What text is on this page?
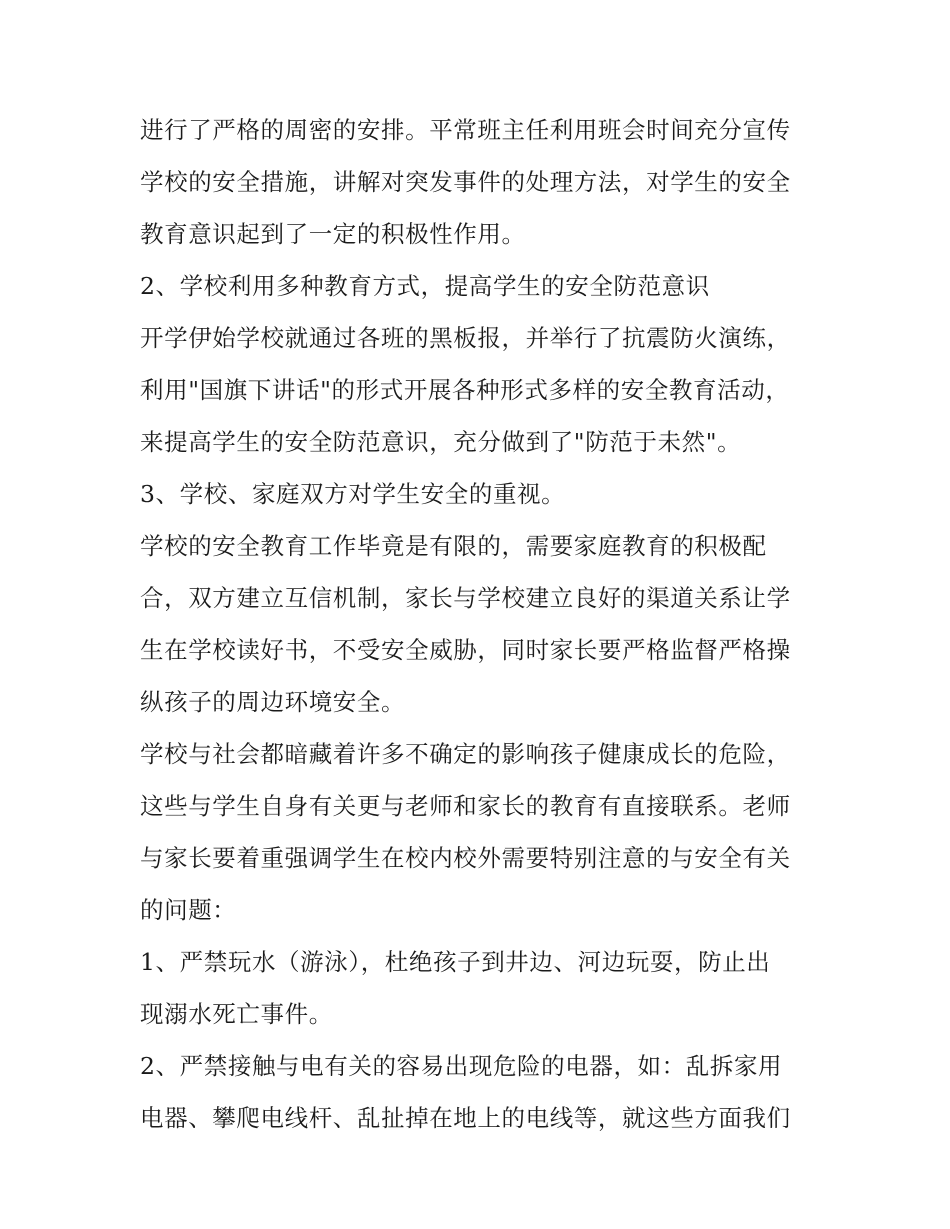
进行了严格的周密的安排。平常班主任利用班会时间充分宣传
学校的安全措施，讲解对突发事件的处理方法，对学生的安全
教育意识起到了一定的积极性作用。
2、学校利用多种教育方式，提高学生的安全防范意识
开学伊始学校就通过各班的黑板报，并举行了抗震防火演练，
利用"国旗下讲话"的形式开展各种形式多样的安全教育活动，
来提高学生的安全防范意识，充分做到了"防范于未然"。
3、学校、家庭双方对学生安全的重视。
学校的安全教育工作毕竟是有限的，需要家庭教育的积极配
合，双方建立互信机制，家长与学校建立良好的渠道关系让学
生在学校读好书，不受安全威胁，同时家长要严格监督严格操
纵孩子的周边环境安全。
学校与社会都暗藏着许多不确定的影响孩子健康成长的危险，
这些与学生自身有关更与老师和家长的教育有直接联系。老师
与家长要着重强调学生在校内校外需要特别注意的与安全有关
的问题：
1、严禁玩水（游泳），杜绝孩子到井边、河边玩耍，防止出
现溺水死亡事件。
2、严禁接触与电有关的容易出现危险的电器，如：乱拆家用
电器、攀爬电线杆、乱扯掉在地上的电线等，就这些方面我们
